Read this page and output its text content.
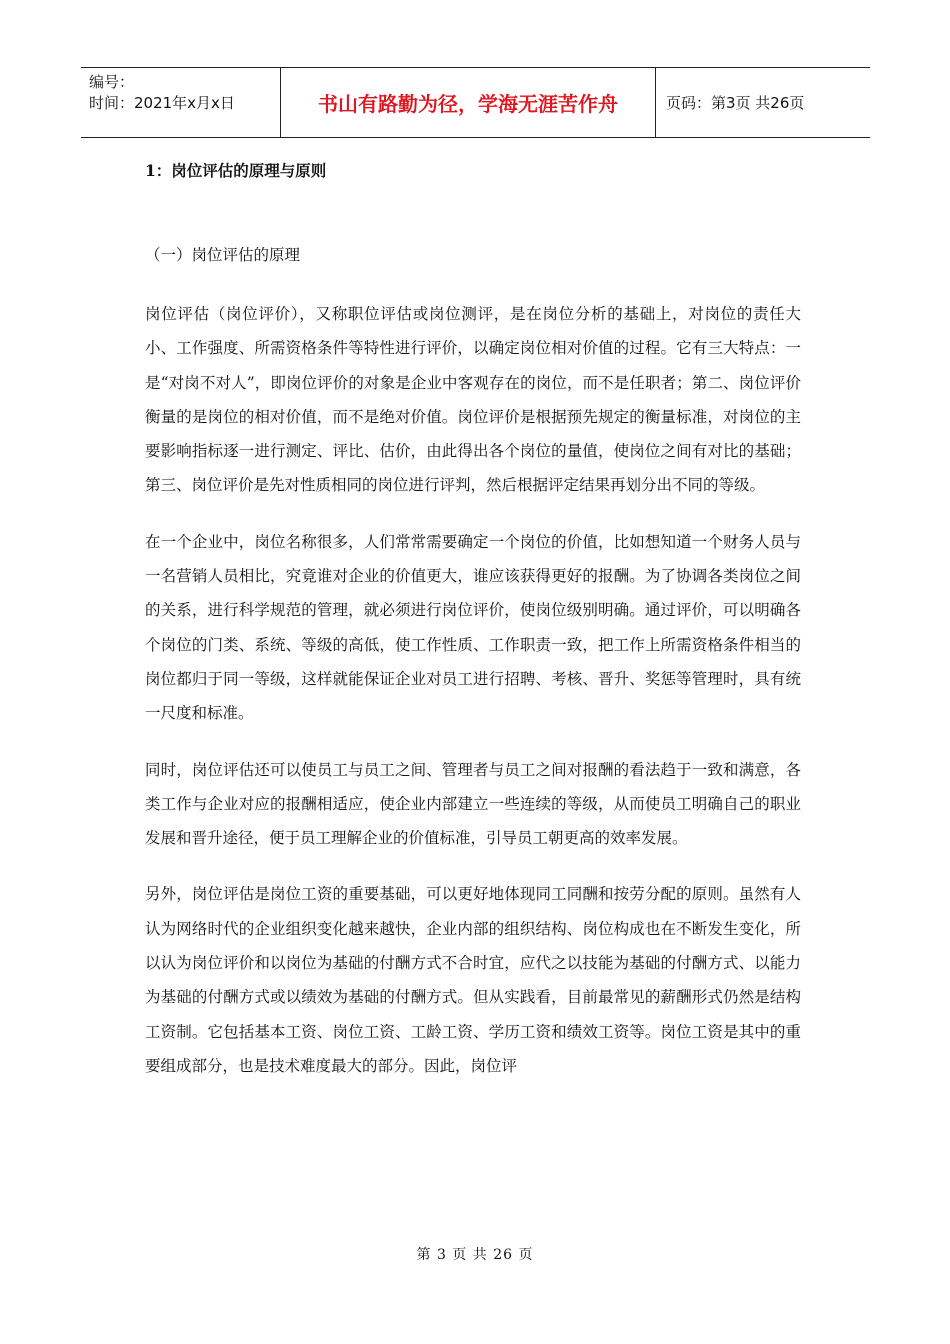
编号：
时间：2021年x月x日	书山有路勤为径，学海无涯苦作舟	页码：第3页 共26页
1：岗位评估的原理与原则
（一）岗位评估的原理

岗位评估（岗位评价），又称职位评估或岗位测评，是在岗位分析的基础上，对岗位的责任大小、工作强度、所需资格条件等特性进行评价，以确定岗位相对价值的过程。它有三大特点：一是“对岗不对人”，即岗位评价的对象是企业中客观存在的岗位，而不是任职者；第二、岗位评价衡量的是岗位的相对价值，而不是绝对价值。岗位评价是根据预先规定的衡量标准，对岗位的主要影响指标逐一进行测定、评比、估价，由此得出各个岗位的量值，使岗位之间有对比的基础；第三、岗位评价是先对性质相同的岗位进行评判，然后根据评定结果再划分出不同的等级。

在一个企业中，岗位名称很多，人们常常需要确定一个岗位的价值，比如想知道一个财务人员与一名营销人员相比，究竟谁对企业的价值更大，谁应该获得更好的报酬。为了协调各类岗位之间的关系，进行科学规范的管理，就必须进行岗位评价，使岗位级别明确。通过评价，可以明确各个岗位的门类、系统、等级的高低，使工作性质、工作职责一致，把工作上所需资格条件相当的岗位都归于同一等级，这样就能保证企业对员工进行招聘、考核、晋升、奖惩等管理时，具有统一尺度和标准。

同时，岗位评估还可以使员工与员工之间、管理者与员工之间对报酬的看法趋于一致和满意，各类工作与企业对应的报酬相适应，使企业内部建立一些连续的等级，从而使员工明确自己的职业发展和晋升途径，便于员工理解企业的价值标准，引导员工朝更高的效率发展。

另外，岗位评估是岗位工资的重要基础，可以更好地体现同工同酬和按劳分配的原则。虽然有人认为网络时代的企业组织变化越来越快，企业内部的组织结构、岗位构成也在不断发生变化，所以认为岗位评价和以岗位为基础的付酬方式不合时宜，应代之以技能为基础的付酬方式、以能力为基础的付酬方式或以绩效为基础的付酬方式。但从实践看，目前最常见的薪酬形式仍然是结构工资制。它包括基本工资、岗位工资、工龄工资、学历工资和绩效工资等。岗位工资是其中的重要组成部分，也是技术难度最大的部分。因此，岗位评

第 3 页 共 26 页
